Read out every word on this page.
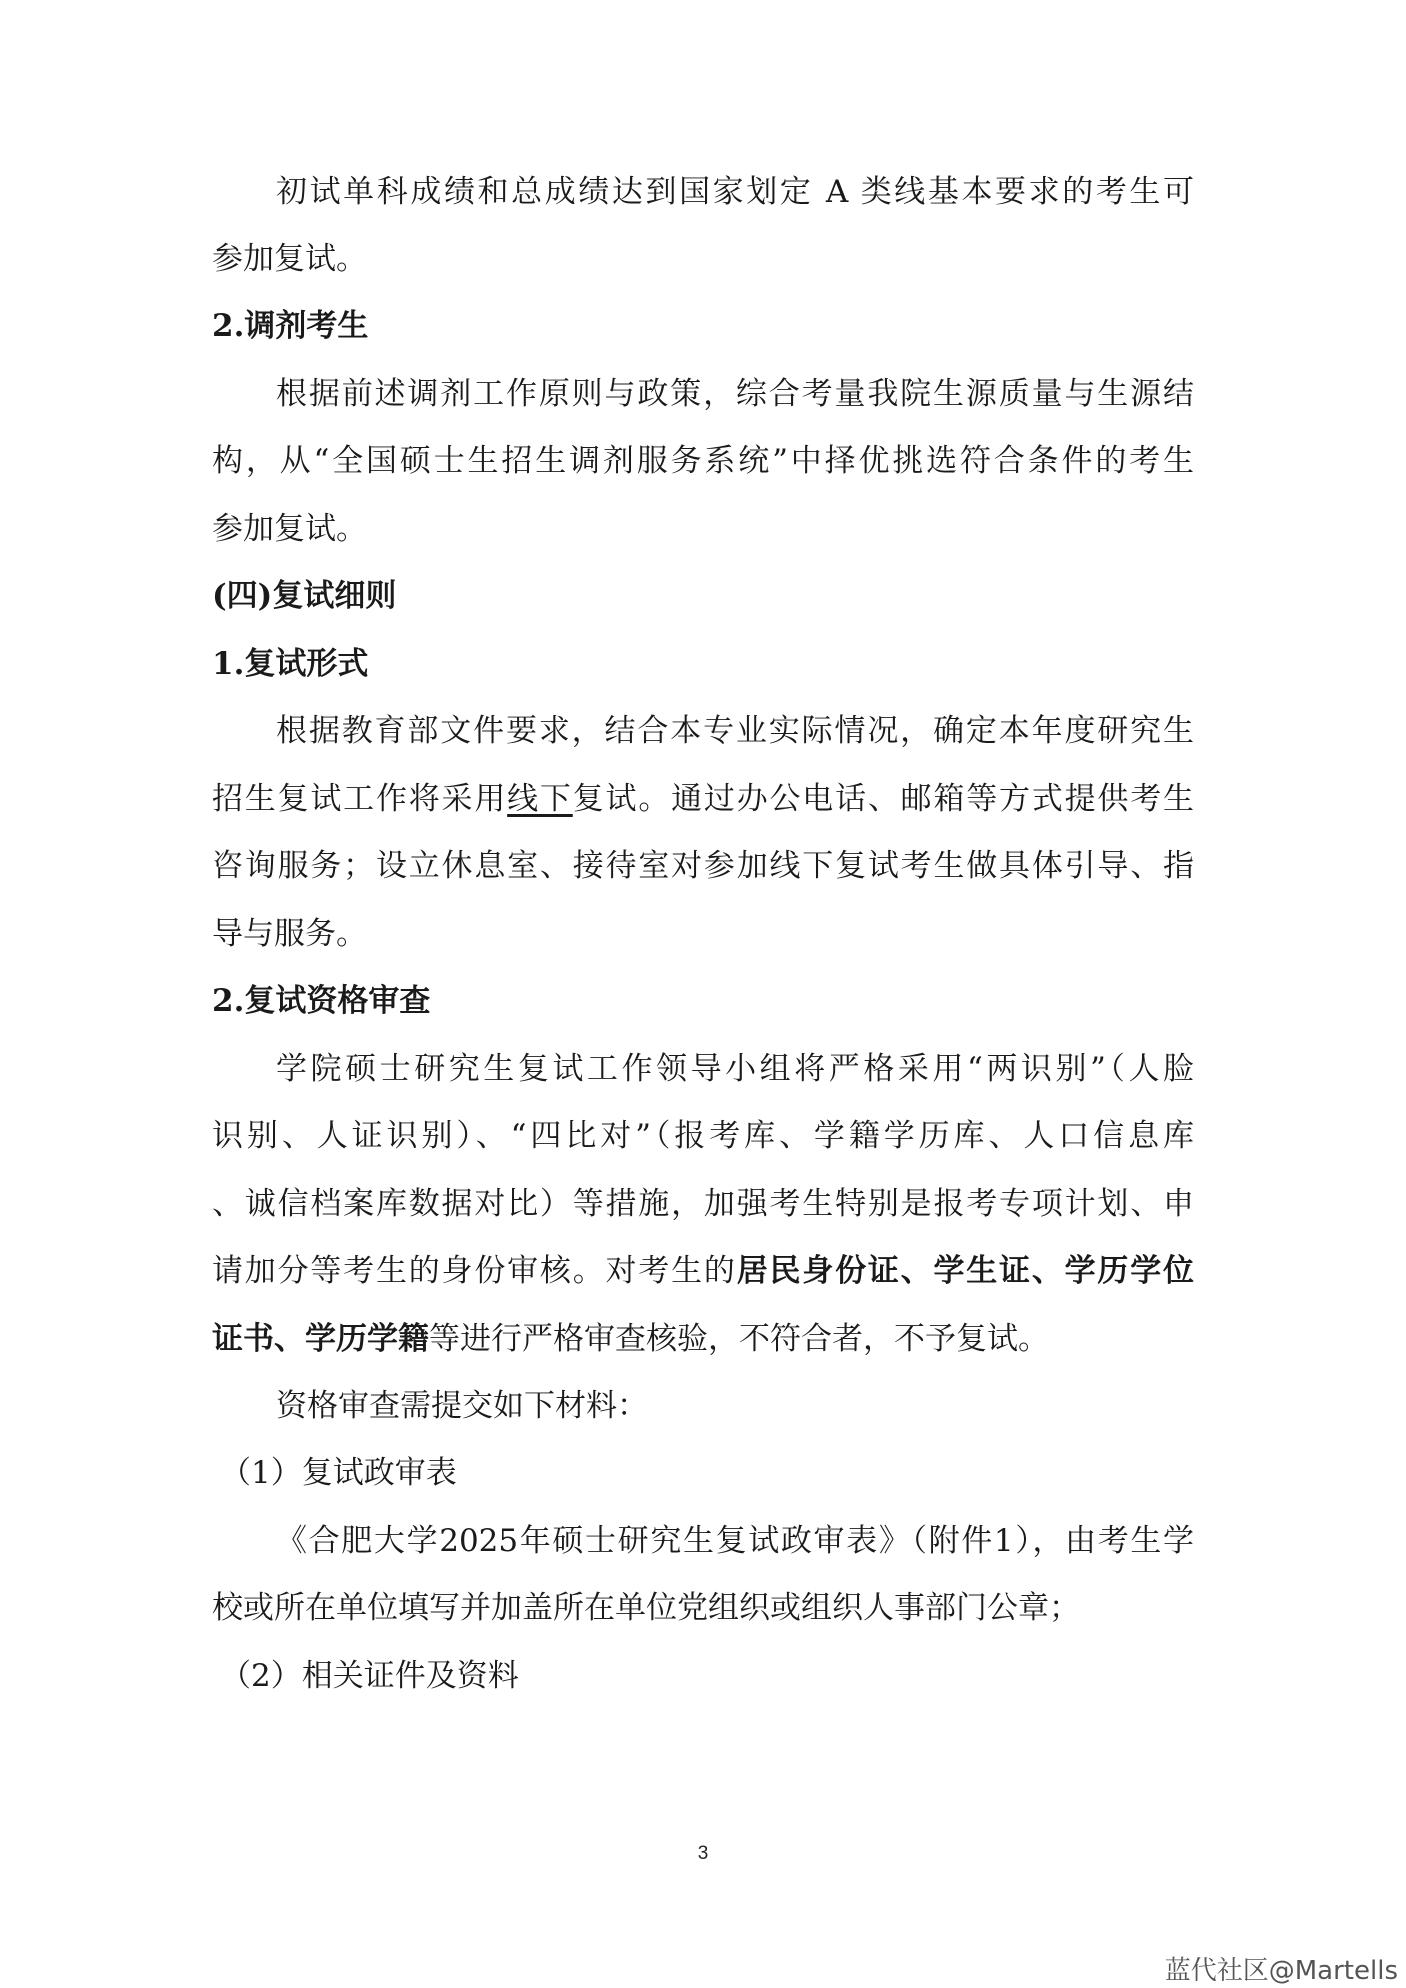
初试单科成绩和总成绩达到国家划定 A 类线基本要求的考生可
参加复试。
2.调剂考生
根据前述调剂工作原则与政策，综合考量我院生源质量与生源结
构，从“全国硕士生招生调剂服务系统”中择优挑选符合条件的考生
参加复试。
(四)复试细则
1.复试形式
根据教育部文件要求，结合本专业实际情况，确定本年度研究生
招生复试工作将采用线下复试。通过办公电话、邮箱等方式提供考生
咨询服务；设立休息室、接待室对参加线下复试考生做具体引导、指
导与服务。
2.复试资格审查
学院硕士研究生复试工作领导小组将严格采用“两识别”（人脸
识别、人证识别）、“四比对”（报考库、学籍学历库、人口信息库
、诚信档案库数据对比）等措施，加强考生特别是报考专项计划、申
请加分等考生的身份审核。对考生的居民身份证、学生证、学历学位
证书、学历学籍等进行严格审查核验，不符合者，不予复试。
资格审查需提交如下材料：
（1）复试政审表
《合肥大学2025年硕士研究生复试政审表》（附件1），由考生学
校或所在单位填写并加盖所在单位党组织或组织人事部门公章；
（2）相关证件及资料
3
蓝代社区@Martells
